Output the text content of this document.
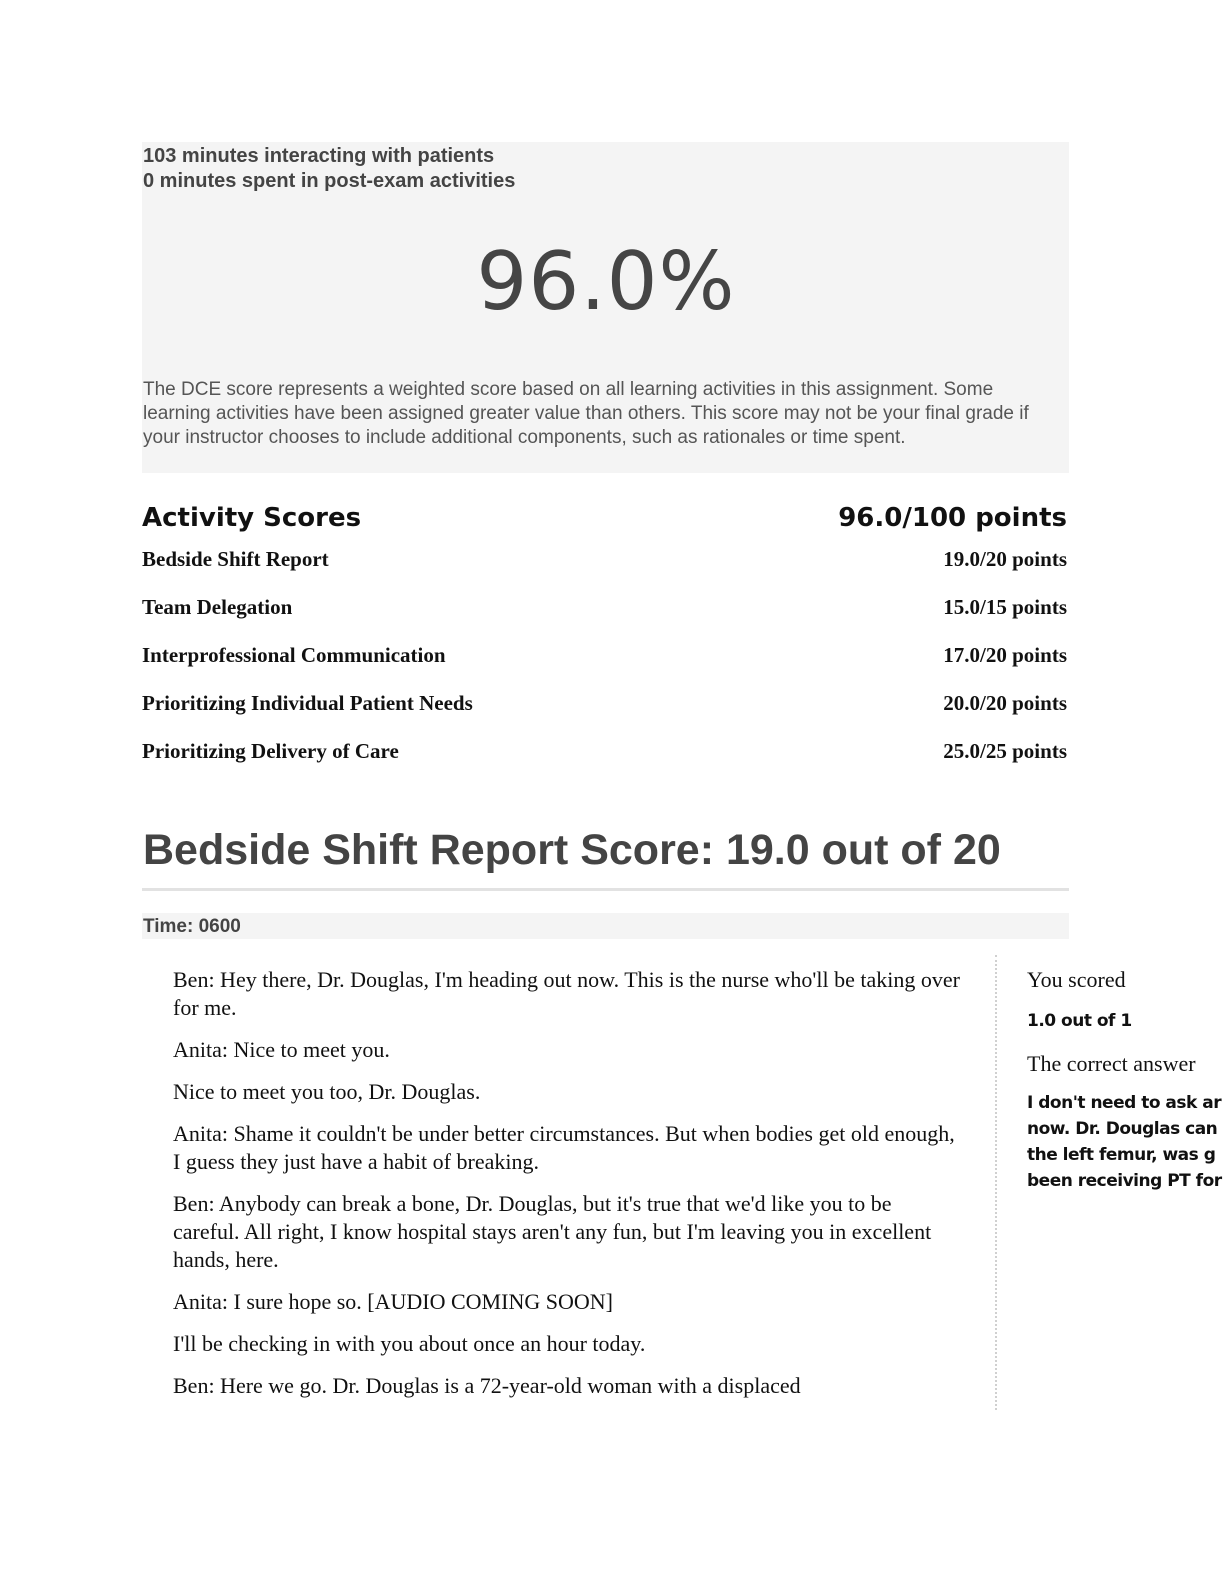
103 minutes interacting with patients
0 minutes spent in post-exam activities
96.0%
The DCE score represents a weighted score based on all learning activities in this assignment. Some learning activities have been assigned greater value than others. This score may not be your final grade if your instructor chooses to include additional components, such as rationales or time spent.
Activity Scores	96.0/100 points
Bedside Shift Report	19.0/20 points
Team Delegation	15.0/15 points
Interprofessional Communication	17.0/20 points
Prioritizing Individual Patient Needs	20.0/20 points
Prioritizing Delivery of Care	25.0/25 points
Bedside Shift Report Score: 19.0 out of 20
Time: 0600

Ben: Hey there, Dr. Douglas, I'm heading out now. This is the nurse who'll be taking over for me.

Anita: Nice to meet you.

Nice to meet you too, Dr. Douglas.

Anita: Shame it couldn't be under better circumstances. But when bodies get old enough, I guess they just have a habit of breaking.

Ben: Anybody can break a bone, Dr. Douglas, but it's true that we'd like you to be careful. All right, I know hospital stays aren't any fun, but I'm leaving you in excellent hands, here.

Anita: I sure hope so. [AUDIO COMING SOON]

I'll be checking in with you about once an hour today.

Ben: Here we go. Dr. Douglas is a 72-year-old woman with a displaced

You scored
1.0 out of 1
The correct answer
I don't need to ask ar
now. Dr. Douglas can
the left femur, was g
been receiving PT for
